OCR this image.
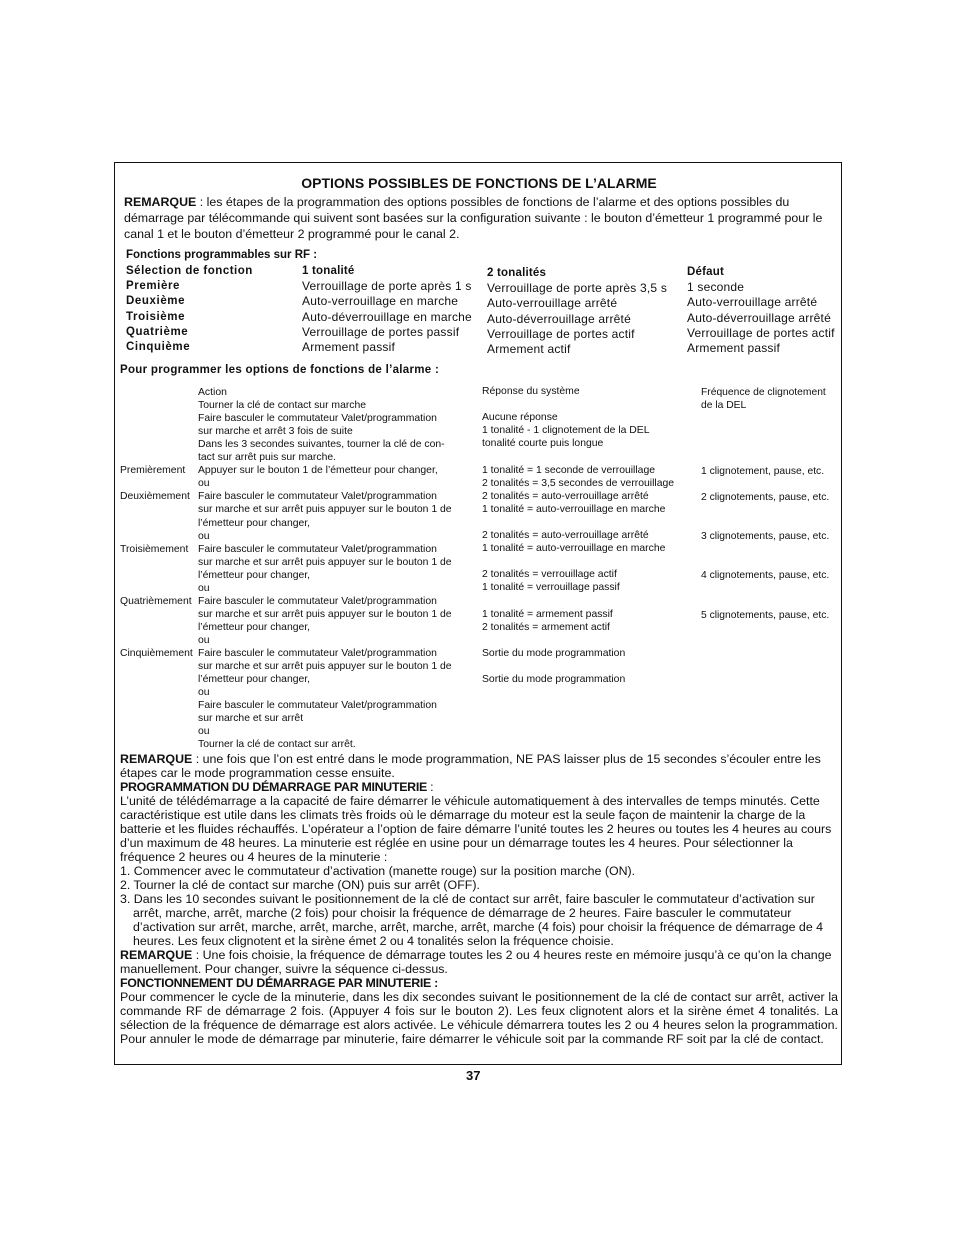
OPTIONS POSSIBLES DE FONCTIONS DE L’ALARME
REMARQUE : les étapes de la programmation des options possibles de fonctions de l’alarme et des options possibles du démarrage par télécommande qui suivent sont basées sur la configuration suivante : le bouton d’émetteur 1 programmé pour le canal 1 et le bouton d’émetteur 2 programmé pour le canal 2.
Fonctions programmables sur RF :
Sélection de fonction
Première
Deuxième
Troisième
Quatrième
Cinquième
1 tonalité
Verrouillage de porte après 1 s
Auto-verrouillage en marche
Auto-déverrouillage en marche
Verrouillage de portes passif
Armement passif
2 tonalités
Verrouillage de porte après 3,5 s
Auto-verrouillage arrêté
Auto-déverrouillage arrêté
Verrouillage de portes actif
Armement actif
Défaut
1 seconde
Auto-verrouillage arrêté
Auto-déverrouillage arrêté
Verrouillage de portes actif
Armement passif
Pour programmer les options de fonctions de l’alarme :
Premièrement
Deuxièmement
Troisièmement
Quatrièmement
Cinquièmement
Action
Tourner la clé de contact sur marche
Faire basculer le commutateur Valet/programmation
sur marche et arrêt 3 fois de suite
Dans les 3 secondes suivantes, tourner la clé de con-
tact sur arrêt puis sur marche.
Appuyer sur le bouton 1 de l’émetteur pour changer,
ou
Faire basculer le commutateur Valet/programmation
sur marche et sur arrêt puis appuyer sur le bouton 1 de
l’émetteur pour changer,
ou
Faire basculer le commutateur Valet/programmation
sur marche et sur arrêt puis appuyer sur le bouton 1 de
l’émetteur pour changer,
ou
Faire basculer le commutateur Valet/programmation
sur marche et sur arrêt puis appuyer sur le bouton 1 de
l’émetteur pour changer,
ou
Faire basculer le commutateur Valet/programmation
sur marche et sur arrêt puis appuyer sur le bouton 1 de
l’émetteur pour changer,
ou
Faire basculer le commutateur Valet/programmation
sur marche et sur arrêt
ou
Tourner la clé de contact sur arrêt.
Réponse du système
Aucune réponse
1 tonalité - 1 clignotement de la DEL
tonalité courte puis longue
1 tonalité = 1 seconde de verrouillage
2 tonalités = 3,5 secondes de verrouillage
2 tonalités = auto-verrouillage arrêté
1 tonalité = auto-verrouillage en marche
2 tonalités = auto-verrouillage arrêté
1 tonalité = auto-verrouillage en marche
2 tonalités = verrouillage actif
1 tonalité = verrouillage passif
1 tonalité = armement passif
2 tonalités = armement actif
Sortie du mode programmation
Sortie du mode programmation
Fréquence de clignotement
de la DEL
1 clignotement, pause, etc.
2 clignotements, pause, etc.
3 clignotements, pause, etc.
4 clignotements, pause, etc.
5 clignotements, pause, etc.
REMARQUE : une fois que l’on est entré dans le mode programmation, NE PAS laisser plus de 15 secondes s’écouler entre les étapes car le mode programmation cesse ensuite.
PROGRAMMATION DU DÉMARRAGE PAR MINUTERIE :
L’unité de télédémarrage a la capacité de faire démarrer le véhicule automatiquement à des intervalles de temps minutés. Cette caractéristique est utile dans les climats très froids où le démarrage du moteur est la seule façon de maintenir la charge de la batterie et les fluides réchauffés. L’opérateur a l’option de faire démarre l’unité toutes les 2 heures ou toutes les 4 heures au cours d’un maximum de 48 heures. La minuterie est réglée en usine pour un démarrage toutes les 4 heures. Pour sélectionner la fréquence 2 heures ou 4 heures de la minuterie :
1. Commencer avec le commutateur d’activation (manette rouge) sur la position marche (ON).
2. Tourner la clé de contact sur marche (ON) puis sur arrêt (OFF).
3. Dans les 10 secondes suivant le positionnement de la clé de contact sur arrêt, faire basculer le commutateur d’activation sur arrêt, marche, arrêt, marche (2 fois) pour choisir la fréquence de démarrage de 2 heures. Faire basculer le commutateur d’activation sur arrêt, marche, arrêt, marche, arrêt, marche, arrêt, marche (4 fois) pour choisir la fréquence de démarrage de 4 heures. Les feux clignotent et la sirène émet 2 ou 4 tonalités selon la fréquence choisie.
REMARQUE : Une fois choisie, la fréquence de démarrage toutes les 2 ou 4 heures reste en mémoire jusqu’à ce qu’on la change manuellement. Pour changer, suivre la séquence ci-dessus.
FONCTIONNEMENT DU DÉMARRAGE PAR MINUTERIE :
Pour commencer le cycle de la minuterie, dans les dix secondes suivant le positionnement de la clé de contact sur arrêt, activer la commande RF de démarrage 2 fois. (Appuyer 4 fois sur le bouton 2). Les feux clignotent alors et la sirène émet 4 tonalités. La sélection de la fréquence de démarrage est alors activée. Le véhicule démarrera toutes les 2 ou 4 heures selon la programmation. Pour annuler le mode de démarrage par minuterie, faire démarrer le véhicule soit par la commande RF soit par la clé de contact.
37
